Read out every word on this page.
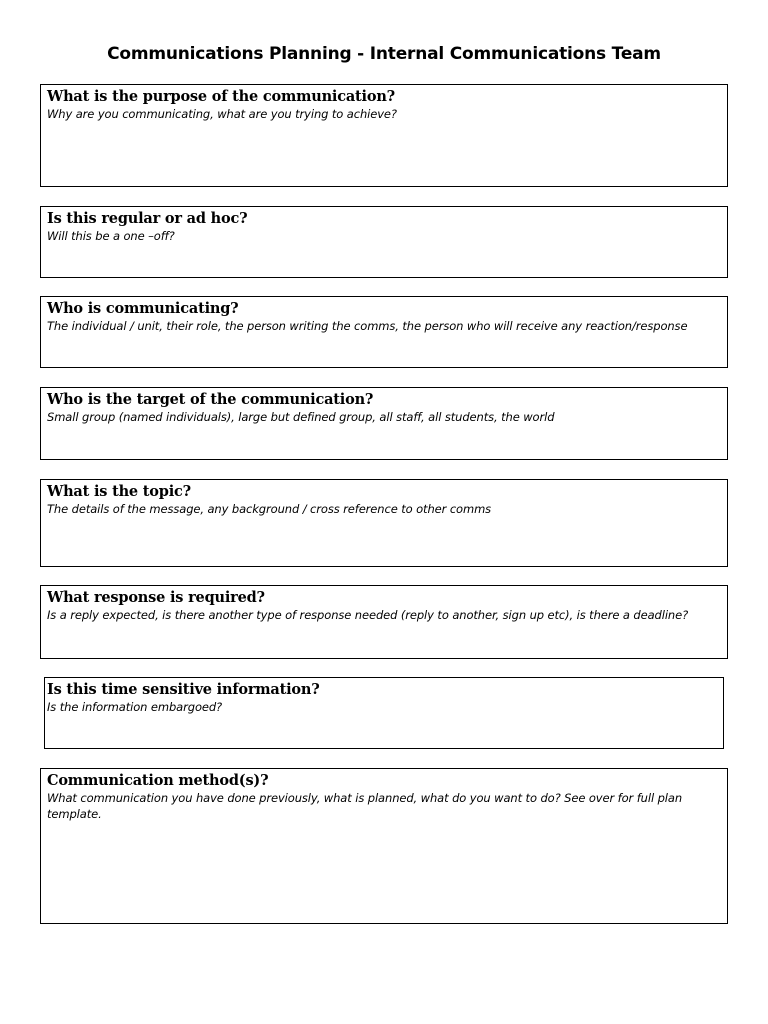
Communications Planning - Internal Communications Team
What is the purpose of the communication?
Why are you communicating, what are you trying to achieve?
Is this regular or ad hoc?
Will this be a one –off?
Who is communicating?
The individual / unit, their role, the person writing the comms, the person who will receive any reaction/response
Who is the target of the communication?
Small group (named individuals), large but defined group, all staff, all students, the world
What is the topic?
The details of the message, any background / cross reference to other comms
What response is required?
Is a reply expected, is there another type of response needed (reply to another, sign up etc), is there a deadline?
Is this time sensitive information?
Is the information embargoed?
Communication method(s)?
What communication you have done previously, what is planned, what do you want to do? See over for full plan template.
